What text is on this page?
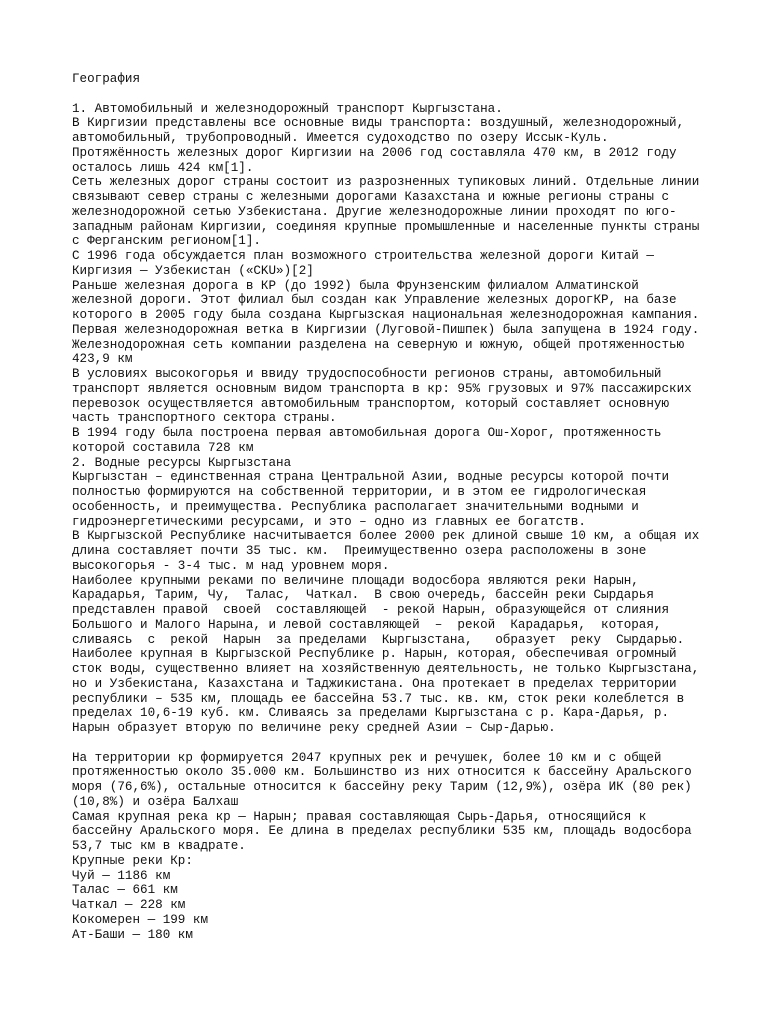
География
1. Автомобильный и железнодорожный транспорт Кыргызстана.
В Киргизии представлены все основные виды транспорта: воздушный, железнодорожный,
автомобильный, трубопроводный. Имеется судоходство по озеру Иссык-Куль.
Протяжённость железных дорог Киргизии на 2006 год составляла 470 км, в 2012 году
осталось лишь 424 км[1].
Сеть железных дорог страны состоит из разрозненных тупиковых линий. Отдельные линии
связывают север страны с железными дорогами Казахстана и южные регионы страны с
железнодорожной сетью Узбекистана. Другие железнодорожные линии проходят по юго-
западным районам Киргизии, соединяя крупные промышленные и населенные пункты страны
с Ферганским регионом[1].
С 1996 года обсуждается план возможного строительства железной дороги Китай —
Киргизия — Узбекистан («CKU»)[2]
Раньше железная дорога в КР (до 1992) была Фрунзенским филиалом Алматинской
железной дороги. Этот филиал был создан как Управление железных дорогКР, на базе
которого в 2005 году была создана Кыргызская национальная железнодорожная кампания.
Первая железнодорожная ветка в Киргизии (Луговой-Пишпек) была запущена в 1924 году.
Железнодорожная сеть компании разделена на северную и южную, общей протяженностью
423,9 км
В условиях высокогорья и ввиду трудоспособности регионов страны, автомобильный
транспорт является основным видом транспорта в кр: 95% грузовых и 97% пассажирских
перевозок осуществляется автомобильным транспортом, который составляет основную
часть транспортного сектора страны.
В 1994 году была построена первая автомобильная дорога Ош-Хорог, протяженность
которой составила 728 км
2. Водные ресурсы Кыргызстана
Кыргызстан – единственная страна Центральной Азии, водные ресурсы которой почти
полностью формируются на собственной территории, и в этом ее гидрологическая
особенность, и преимущества. Республика располагает значительными водными и
гидроэнергетическими ресурсами, и это – одно из главных ее богатств.
В Кыргызской Республике насчитывается более 2000 рек длиной свыше 10 км, а общая их
длина составляет почти 35 тыс. км.  Преимущественно озера расположены в зоне
высокогорья - 3-4 тыс. м над уровнем моря.
Наиболее крупными реками по величине площади водосбора являются реки Нарын,
Карадарья, Тарим, Чу,  Талас,  Чаткал.  В свою очередь, бассейн реки Сырдарья
представлен правой  своей  составляющей  - рекой Нарын, образующейся от слияния
Большого и Малого Нарына, и левой составляющей  –  рекой  Карадарья,  которая,
сливаясь  с  рекой  Нарын  за пределами  Кыргызстана,   образует  реку  Сырдарью.
Наиболее крупная в Кыргызской Республике р. Нарын, которая, обеспечивая огромный
сток воды, существенно влияет на хозяйственную деятельность, не только Кыргызстана,
но и Узбекистана, Казахстана и Таджикистана. Она протекает в пределах территории
республики – 535 км, площадь ее бассейна 53.7 тыс. кв. км, сток реки колеблется в
пределах 10,6-19 куб. км. Сливаясь за пределами Кыргызстана с р. Кара-Дарья, р.
Нарын образует вторую по величине реку средней Азии – Сыр-Дарью.
На территории кр формируется 2047 крупных рек и речушек, более 10 км и с общей
протяженностью около 35.000 км. Большинство из них относится к бассейну Аральского
моря (76,6%), остальные относится к бассейну реку Тарим (12,9%), озёра ИК (80 рек)
(10,8%) и озёра Балхаш
Самая крупная река кр — Нарын; правая составляющая Сырь-Дарья, относящийся к
бассейну Аральского моря. Ее длина в пределах республики 535 км, площадь водосбора
53,7 тыс км в квадрате.
Крупные реки Кр:
Чуй — 1186 км
Талас — 661 км
Чаткал — 228 км
Кокомерен — 199 км
Ат-Баши — 180 км
